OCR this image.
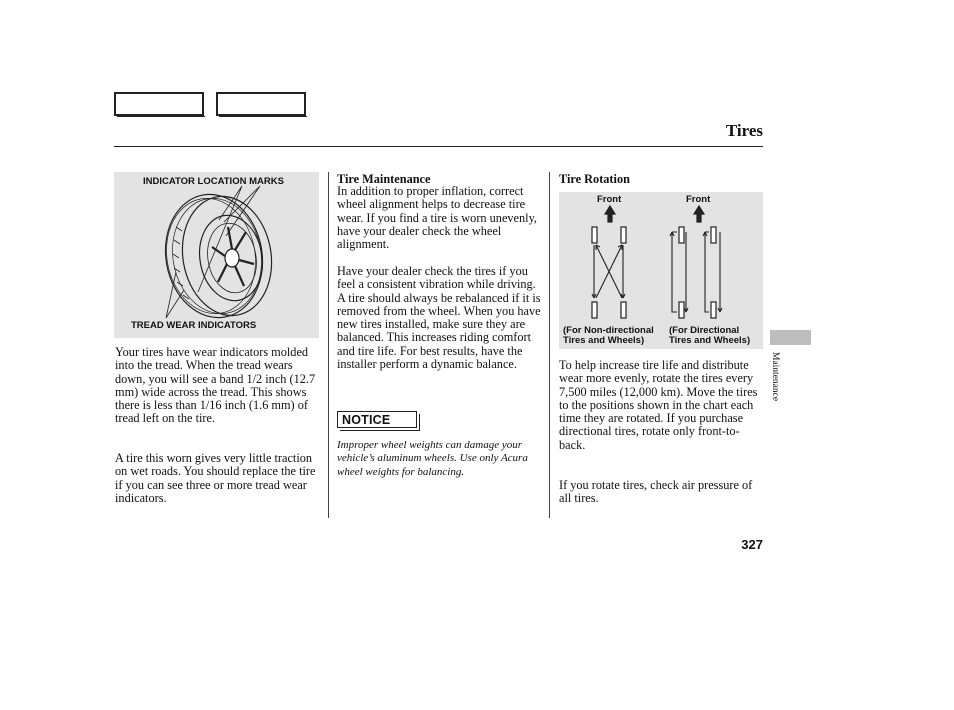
Tires
INDICATOR LOCATION MARKS
TREAD WEAR INDICATORS
Your tires have wear indicators molded into the tread. When the tread wears down, you will see a band 1/2 inch (12.7 mm) wide across the tread. This shows there is less than 1/16 inch (1.6 mm) of tread left on the tire.
A tire this worn gives very little traction on wet roads. You should replace the tire if you can see three or more tread wear indicators.
Tire Maintenance
In addition to proper inflation, correct wheel alignment helps to decrease tire wear. If you find a tire is worn unevenly, have your dealer check the wheel alignment.
Have your dealer check the tires if you feel a consistent vibration while driving. A tire should always be rebalanced if it is removed from the wheel. When you have new tires installed, make sure they are balanced. This increases riding comfort and tire life. For best results, have the installer perform a dynamic balance.
NOTICE
Improper wheel weights can damage your vehicle’s aluminum wheels. Use only Acura wheel weights for balancing.
Tire Rotation
Front	Front
(For Non-directional
Tires and Wheels)
(For Directional
Tires and Wheels)
To help increase tire life and distribute wear more evenly, rotate the tires every 7,500 miles (12,000 km). Move the tires to the positions shown in the chart each time they are rotated. If you purchase directional tires, rotate only front-to-back.
If you rotate tires, check air pressure of all tires.
Maintenance
327
